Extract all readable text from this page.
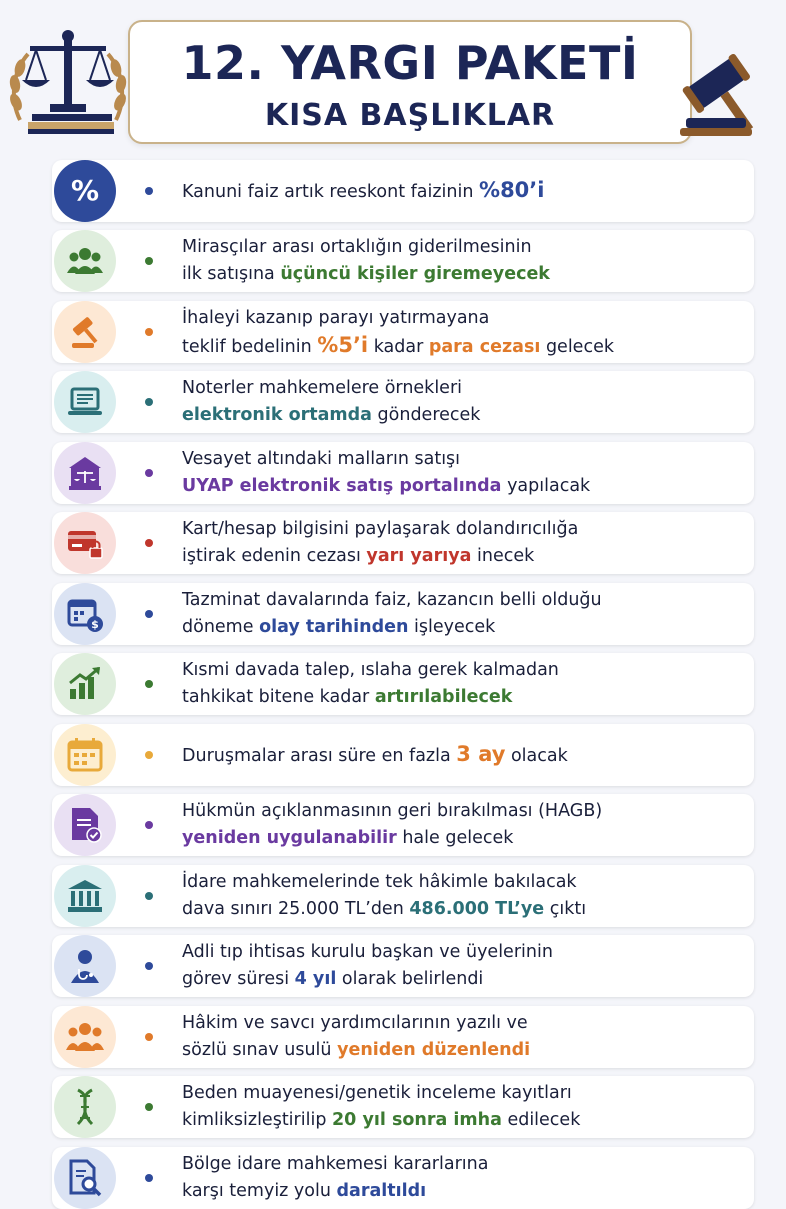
12. YARGI PAKETİ
KISA BAŞLIKLAR
%	Kanuni faiz artık reeskont faizinin %80’i
Mirasçılar arası ortaklığın giderilmesinin
ilk satışına üçüncü kişiler giremeyecek
İhaleyi kazanıp parayı yatırmayana
teklif bedelinin %5’i kadar para cezası gelecek
Noterler mahkemelere örnekleri
elektronik ortamda gönderecek
Vesayet altındaki malların satışı
UYAP elektronik satış portalında yapılacak
Kart/hesap bilgisini paylaşarak dolandırıcılığa
iştirak edenin cezası yarı yarıya inecek
$
Tazminat davalarında faiz, kazancın belli olduğu
döneme olay tarihinden işleyecek
Kısmi davada talep, ıslaha gerek kalmadan
tahkikat bitene kadar artırılabilecek
Duruşmalar arası süre en fazla 3 ay olacak
Hükmün açıklanmasının geri bırakılması (HAGB)
yeniden uygulanabilir hale gelecek
İdare mahkemelerinde tek hâkimle bakılacak
dava sınırı 25.000 TL’den 486.000 TL’ye çıktı
Adli tıp ihtisas kurulu başkan ve üyelerinin
görev süresi 4 yıl olarak belirlendi
Hâkim ve savcı yardımcılarının yazılı ve
sözlü sınav usulü yeniden düzenlendi
Beden muayenesi/genetik inceleme kayıtları
kimliksizleştirilip 20 yıl sonra imha edilecek
Bölge idare mahkemesi kararlarına
karşı temyiz yolu daraltıldı
